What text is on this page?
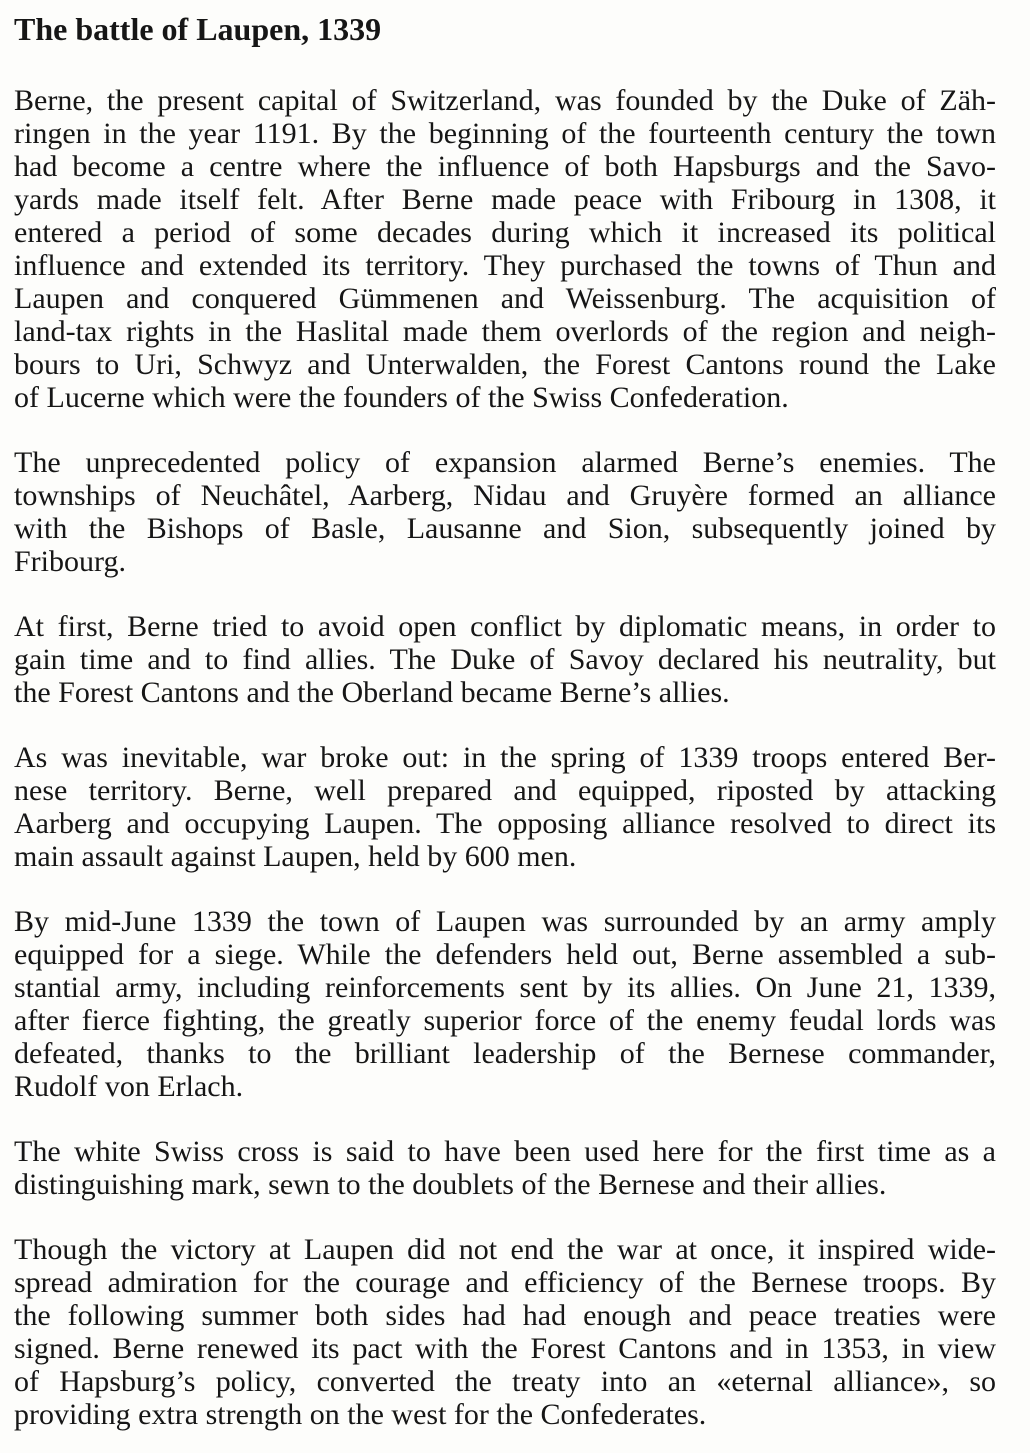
The battle of Laupen, 1339

Berne, the present capital of Switzerland, was founded by the Duke of Zäh-
ringen in the year 1191. By the beginning of the fourteenth century the town
had become a centre where the influence of both Hapsburgs and the Savo-
yards made itself felt. After Berne made peace with Fribourg in 1308, it
entered a period of some decades during which it increased its political
influence and extended its territory. They purchased the towns of Thun and
Laupen and conquered Gümmenen and Weissenburg. The acquisition of
land-tax rights in the Haslital made them overlords of the region and neigh-
bours to Uri, Schwyz and Unterwalden, the Forest Cantons round the Lake
of Lucerne which were the founders of the Swiss Confederation.

The unprecedented policy of expansion alarmed Berne’s enemies. The
townships of Neuchâtel, Aarberg, Nidau and Gruyère formed an alliance
with the Bishops of Basle, Lausanne and Sion, subsequently joined by
Fribourg.

At first, Berne tried to avoid open conflict by diplomatic means, in order to
gain time and to find allies. The Duke of Savoy declared his neutrality, but
the Forest Cantons and the Oberland became Berne’s allies.

As was inevitable, war broke out: in the spring of 1339 troops entered Ber-
nese territory. Berne, well prepared and equipped, riposted by attacking
Aarberg and occupying Laupen. The opposing alliance resolved to direct its
main assault against Laupen, held by 600 men.

By mid-June 1339 the town of Laupen was surrounded by an army amply
equipped for a siege. While the defenders held out, Berne assembled a sub-
stantial army, including reinforcements sent by its allies. On June 21, 1339,
after fierce fighting, the greatly superior force of the enemy feudal lords was
defeated, thanks to the brilliant leadership of the Bernese commander,
Rudolf von Erlach.

The white Swiss cross is said to have been used here for the first time as a
distinguishing mark, sewn to the doublets of the Bernese and their allies.

Though the victory at Laupen did not end the war at once, it inspired wide-
spread admiration for the courage and efficiency of the Bernese troops. By
the following summer both sides had had enough and peace treaties were
signed. Berne renewed its pact with the Forest Cantons and in 1353, in view
of Hapsburg’s policy, converted the treaty into an «eternal alliance», so
providing extra strength on the west for the Confederates.
